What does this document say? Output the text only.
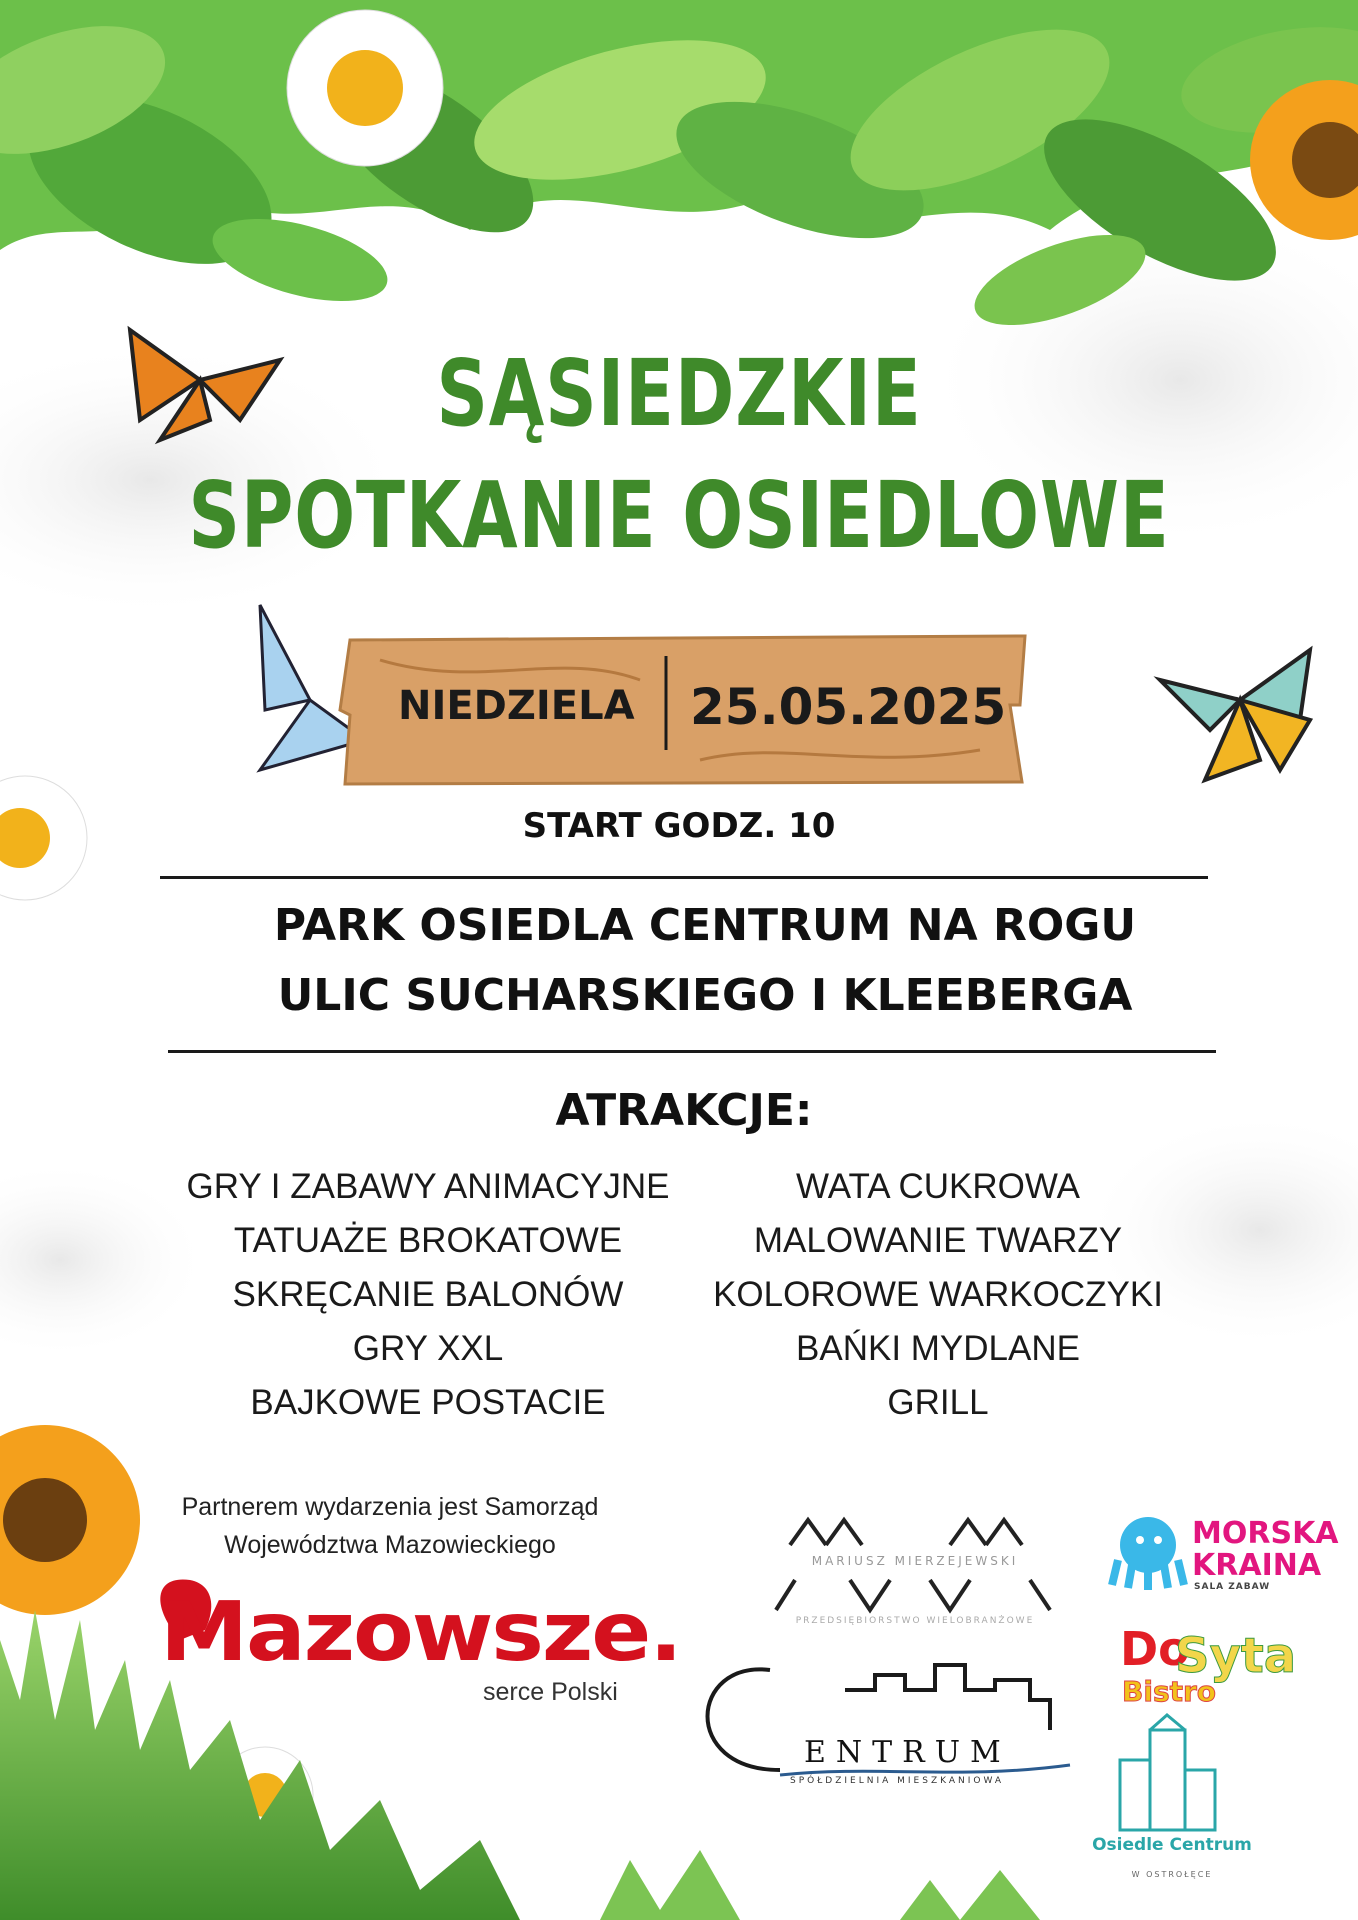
SĄSIEDZKIE
SPOTKANIE OSIEDLOWE
NIEDZIELA 25.05.2025
START GODZ. 10
PARK OSIEDLA CENTRUM NA ROGU
ULIC SUCHARSKIEGO I KLEEBERGA
ATRAKCJE:
GRY I ZABAWY ANIMACYJNE
TATUAŻE BROKATOWE
SKRĘCANIE BALONÓW
GRY XXL
BAJKOWE POSTACIE
WATA CUKROWA
MALOWANIE TWARZY
KOLOROWE WARKOCZYKI
BAŃKI MYDLANE
GRILL
Partnerem wydarzenia jest Samorząd
Województwa Mazowieckiego
Mazowsze.
serce Polski
MARIUSZ MIERZEJEWSKI
PRZEDSIĘBIORSTWO WIELOBRANŻOWE
ENTRUM
SPÓŁDZIELNIA MIESZKANIOWA
MORSKA
KRAINA
SALA ZABAW
Do
Syta
Bistro
Osiedle Centrum
W OSTROŁĘCE
